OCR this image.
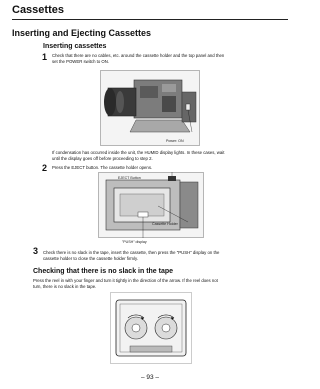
Cassettes
Inserting and Ejecting Cassettes
Inserting cassettes
1 Check that there are no cables, etc. around the cassette holder and the top panel and then
set the POWER switch to ON.
Power: ON
If condensation has occurred inside the unit, the HUMID display lights. In these cases, wait
until the display goes off before proceeding to step 2.
2 Press the EJECT button. The cassette holder opens.
EJECT Button
Cassette Holder
"PUSH" display
3 Check there is no slack in the tape, insert the cassette, then press the "PUSH" display on the
cassette holder to close the cassette holder firmly.
Checking that there is no slack in the tape
Press the reel in with your finger and turn it tightly in the direction of the arrow. If the reel does not
turn, there is no slack in the tape.
– 93 –
